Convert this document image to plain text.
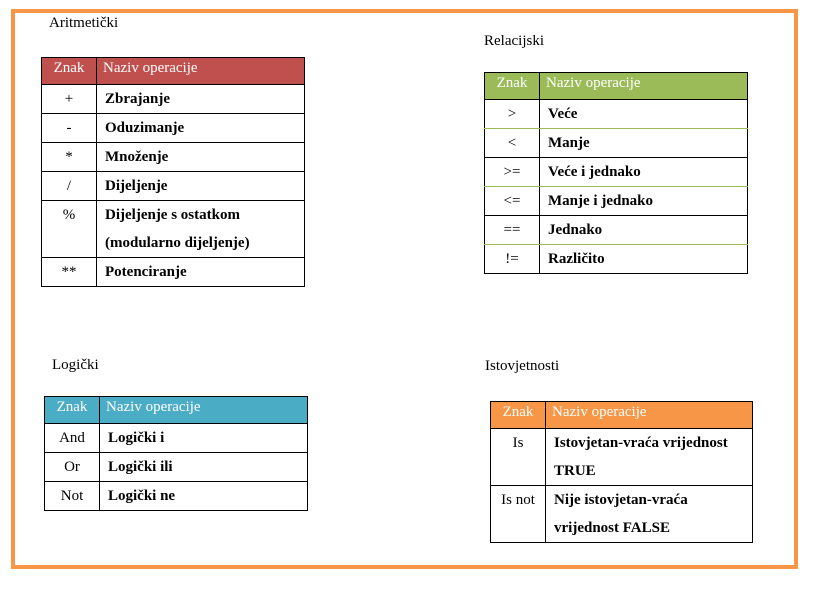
Aritmetički
Znak	Naziv operacije
+	Zbrajanje
-	Oduzimanje
*	Množenje
/	Dijeljenje
%	Dijeljenje s ostatkom (modularno dijeljenje)
**	Potenciranje
Relacijski
Znak	Naziv operacije
>	Veće
<	Manje
>=	Veće i jednako
<=	Manje i jednako
==	Jednako
!=	Različito
Logički
Znak	Naziv operacije
And	Logički i
Or	Logički ili
Not	Logički ne
Istovjetnosti
Znak	Naziv operacije
Is	Istovjetan-vraća vrijednost TRUE
Is not	Nije istovjetan-vraća vrijednost FALSE
